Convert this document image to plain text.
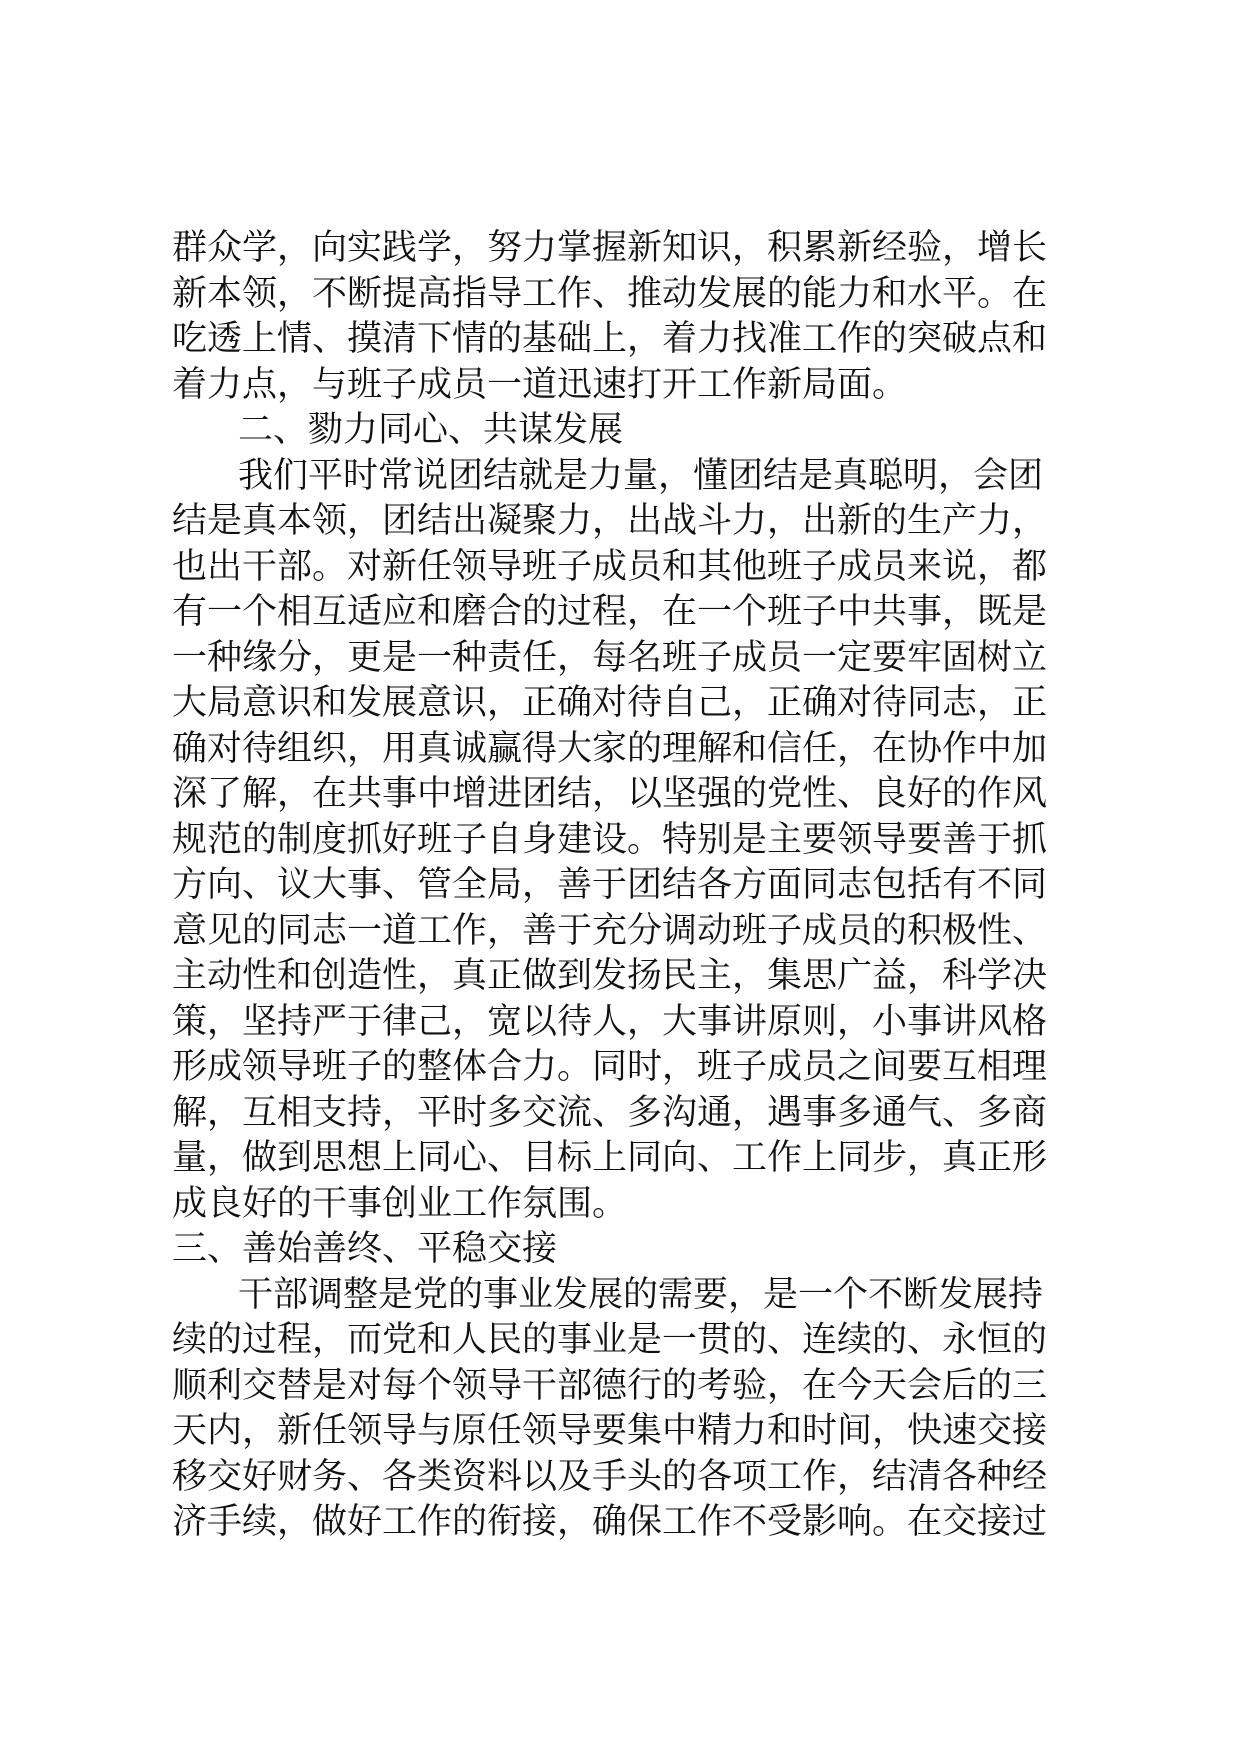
群众学，向实践学，努力掌握新知识，积累新经验，增长
新本领，不断提高指导工作、推动发展的能力和水平。在
吃透上情、摸清下情的基础上，着力找准工作的突破点和
着力点，与班子成员一道迅速打开工作新局面。
二、勠力同心、共谋发展
我们平时常说团结就是力量，懂团结是真聪明，会团
结是真本领，团结出凝聚力，出战斗力，出新的生产力，
也出干部。对新任领导班子成员和其他班子成员来说，都
有一个相互适应和磨合的过程，在一个班子中共事，既是
一种缘分，更是一种责任，每名班子成员一定要牢固树立
大局意识和发展意识，正确对待自己，正确对待同志，正
确对待组织，用真诚赢得大家的理解和信任，在协作中加
深了解，在共事中增进团结，以坚强的党性、良好的作风
规范的制度抓好班子自身建设。特别是主要领导要善于抓
方向、议大事、管全局，善于团结各方面同志包括有不同
意见的同志一道工作，善于充分调动班子成员的积极性、
主动性和创造性，真正做到发扬民主，集思广益，科学决
策，坚持严于律己，宽以待人，大事讲原则，小事讲风格
形成领导班子的整体合力。同时，班子成员之间要互相理
解，互相支持，平时多交流、多沟通，遇事多通气、多商
量，做到思想上同心、目标上同向、工作上同步，真正形
成良好的干事创业工作氛围。
三、善始善终、平稳交接
干部调整是党的事业发展的需要，是一个不断发展持
续的过程，而党和人民的事业是一贯的、连续的、永恒的
顺利交替是对每个领导干部德行的考验，在今天会后的三
天内，新任领导与原任领导要集中精力和时间，快速交接
移交好财务、各类资料以及手头的各项工作，结清各种经
济手续，做好工作的衔接，确保工作不受影响。在交接过
